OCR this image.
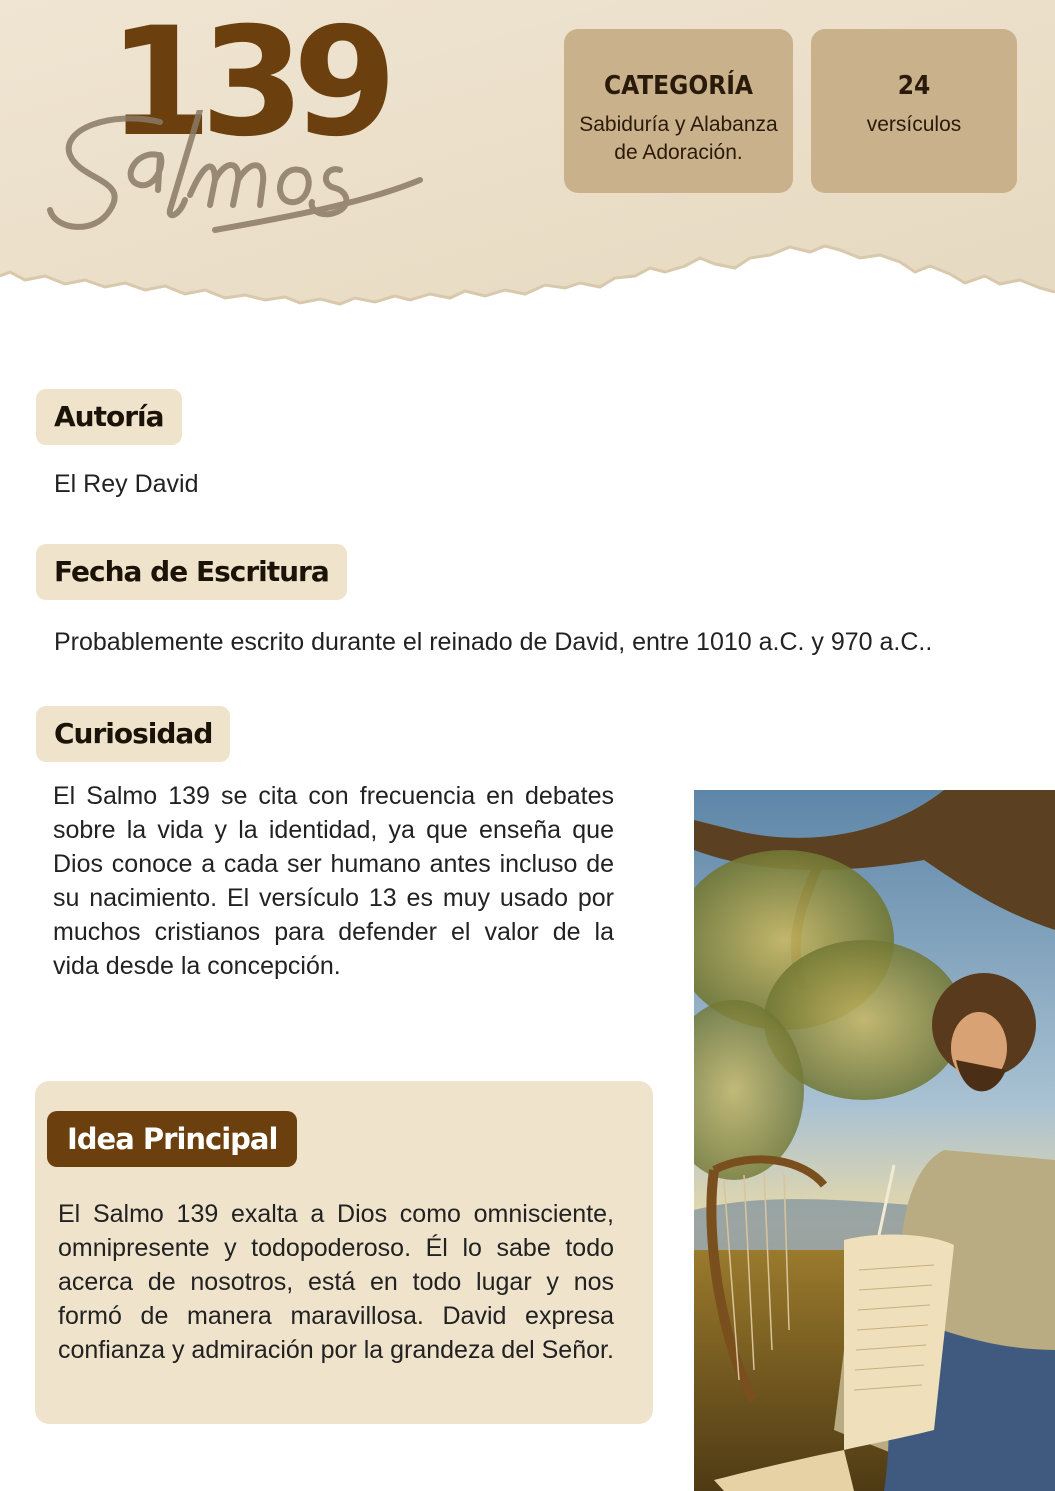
139	CATEGORÍA
Sabiduría y Alabanza
de Adoración.
24
versículos
Autoría
El Rey David
Fecha de Escritura
Probablemente escrito durante el reinado de David, entre 1010 a.C. y 970 a.C..
Curiosidad
El Salmo 139 se cita con frecuencia en debates sobre la vida y la identidad, ya que enseña que Dios conoce a cada ser humano antes incluso de su nacimiento. El versículo 13 es muy usado por muchos cristianos para defender el valor de la vida desde la concepción.
Idea Principal
El Salmo 139 exalta a Dios como omnisciente, omnipresente y todopoderoso. Él lo sabe todo acerca de nosotros, está en todo lugar y nos formó de manera maravillosa. David expresa confianza y admiración por la grandeza del Señor.
